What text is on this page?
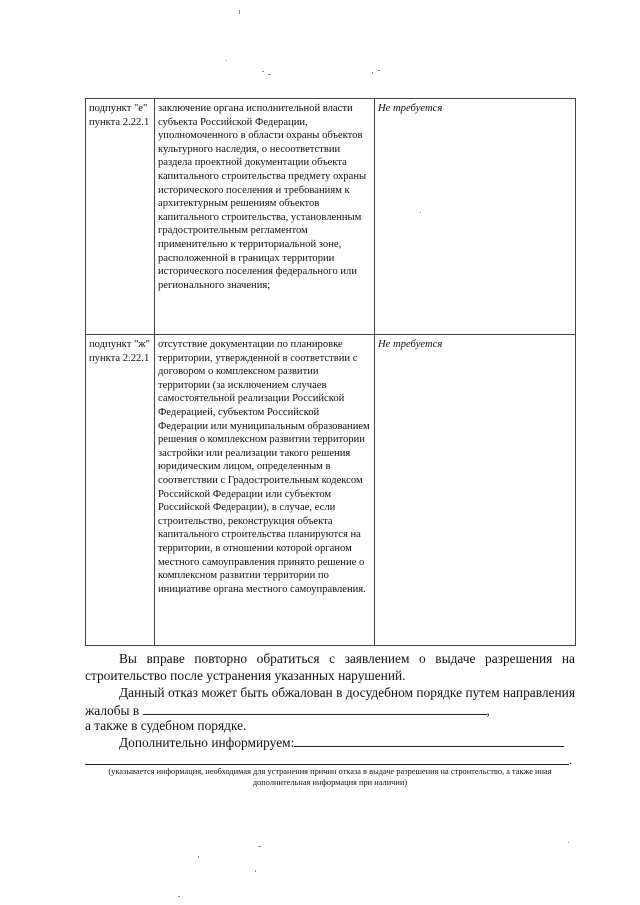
подпункт "е" пункта 2.22.1	заключение органа исполнительной власти субъекта Российской Федерации, уполномоченного в области охраны объектов культурного наследия, о несоответствии раздела проектной документации объекта капитального строительства предмету охраны исторического поселения и требованиям к архитектурным решениям объектов капитального строительства, установленным градостроительным регламентом применительно к территориальной зоне, расположенной в границах территории исторического поселения федерального или регионального значения;	Не требуется
подпункт "ж" пункта 2.22.1	отсутствие документации по планировке территории, утвержденной в соответствии с договором о комплексном развитии территории (за исключением случаев самостоятельной реализации Российской Федерацией, субъектом Российской Федерации или муниципальным образованием решения о комплексном развитии территории застройки или реализации такого решения юридическим лицом, определенным в соответствии с Градостроительным кодексом Российской Федерации или субъектом Российской Федерации), в случае, если строительство, реконструкция объекта капитального строительства планируются на территории, в отношении которой органом местного самоуправления принято решение о комплексном развитии территории по инициативе органа местного самоуправления.	Не требуется

Вы вправе повторно обратиться с заявлением о выдаче разрешения на строительство после устранения указанных нарушений.

Данный отказ может быть обжалован в досудебном порядке путем направления жалобы в	,

а также в судебном порядке.

Дополнительно информируем:

.

(указывается информация, необходимая для устранения причин отказа в выдаче разрешения на строительство, а также иная дополнительная информация при наличии)
